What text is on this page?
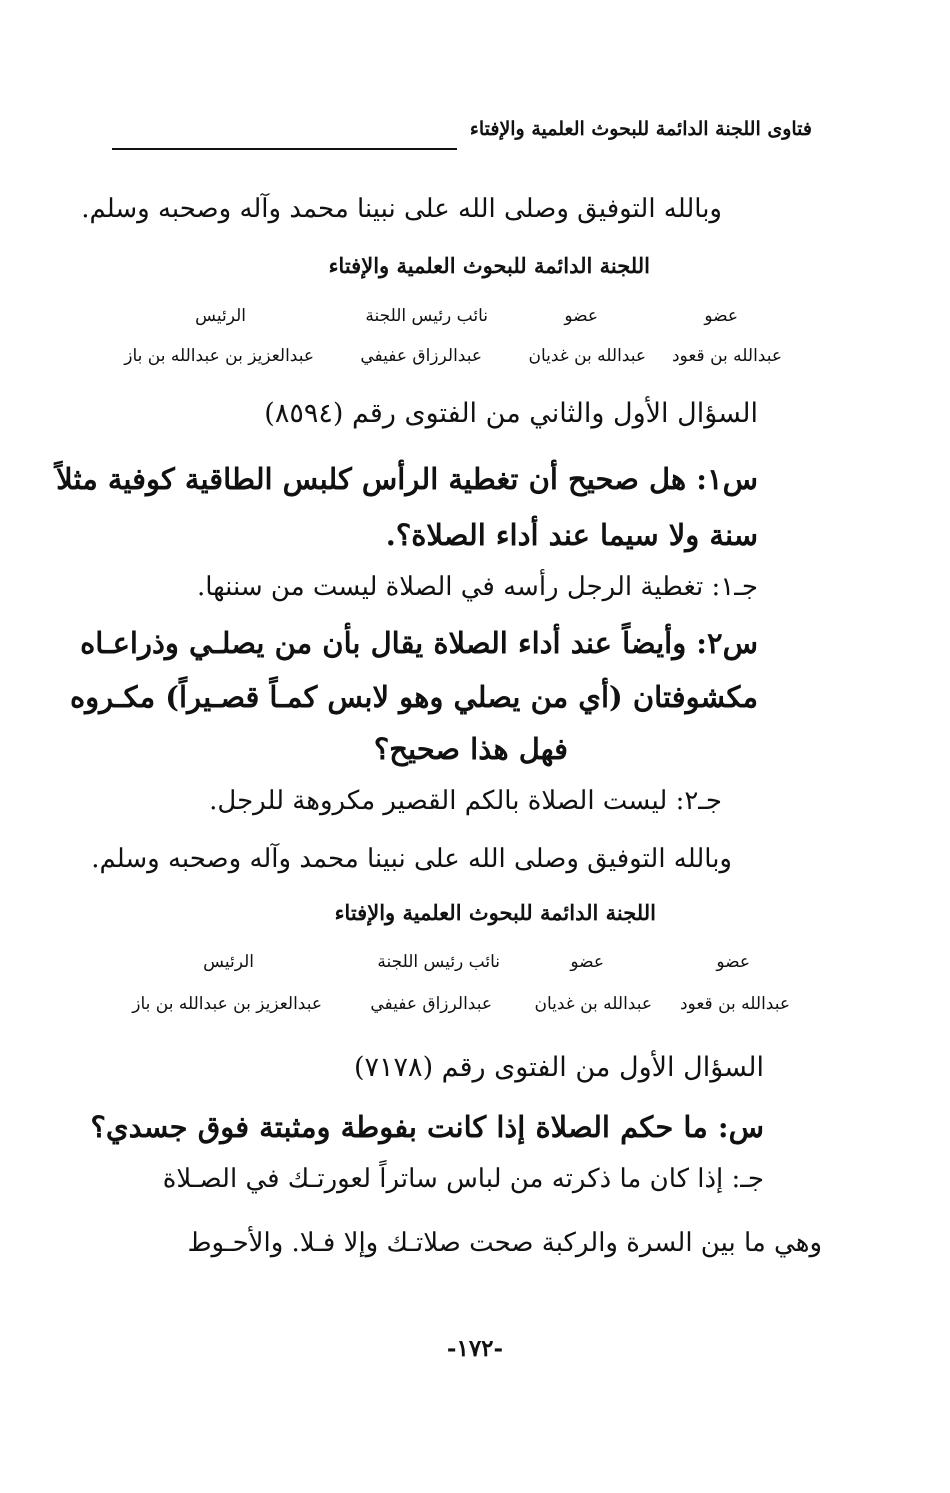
فتاوى اللجنة الدائمة للبحوث العلمية والإفتاء
وبالله التوفيق وصلى الله على نبينا محمد وآله وصحبه وسلم.
اللجنة الدائمة للبحوث العلمية والإفتاء
عضو
عضو
نائب رئيس اللجنة
الرئيس
عبدالله بن قعود
عبدالله بن غديان
عبدالرزاق عفيفي
عبدالعزيز بن عبدالله بن باز
السؤال الأول والثاني من الفتوى رقم (٨٥٩٤)
س١: هل صحيح أن تغطية الرأس كلبس الطاقية كوفية مثلاً
سنة ولا سيما عند أداء الصلاة؟.
جـ١: تغطية الرجل رأسه في الصلاة ليست من سننها.
س٢: وأيضاً عند أداء الصلاة يقال بأن من يصلـي وذراعـاه
مكشوفتان (أي من يصلي وهو لابس كمـاً قصـيراً) مكـروه
فهل هذا صحيح؟
جـ٢: ليست الصلاة بالكم القصير مكروهة للرجل.
وبالله التوفيق وصلى الله على نبينا محمد وآله وصحبه وسلم.
اللجنة الدائمة للبحوث العلمية والإفتاء
عضو
عضو
نائب رئيس اللجنة
الرئيس
عبدالله بن قعود
عبدالله بن غديان
عبدالرزاق عفيفي
عبدالعزيز بن عبدالله بن باز
السؤال الأول من الفتوى رقم (٧١٧٨)
س: ما حكم الصلاة إذا كانت بفوطة ومثبتة فوق جسدي؟
جـ: إذا كان ما ذكرته من لباس ساتراً لعورتـك في الصـلاة
وهي ما بين السرة والركبة صحت صلاتـك وإلا فـلا. والأحـوط
-١٧٢-
